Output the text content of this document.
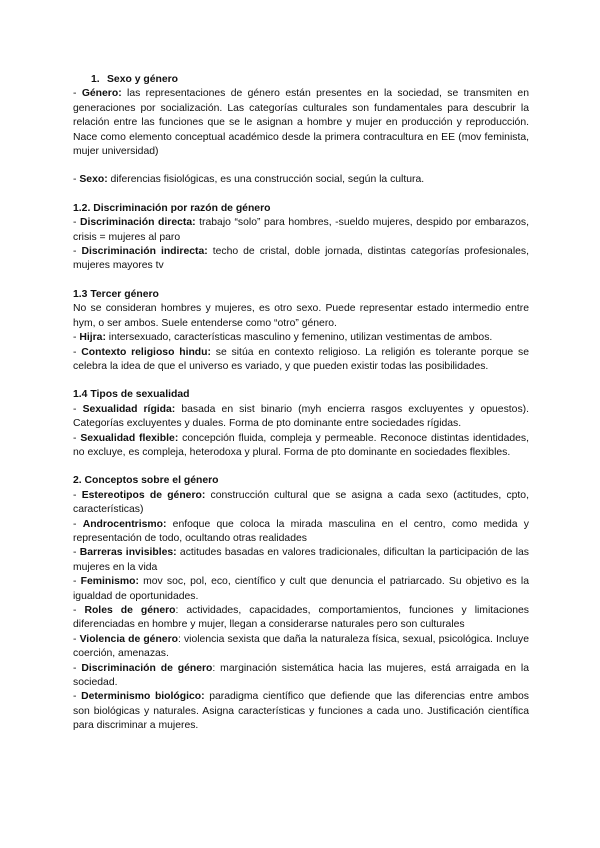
1. Sexo y género

- Género: las representaciones de género están presentes en la sociedad, se transmiten en generaciones por socialización. Las categorías culturales son fundamentales para descubrir la relación entre las funciones que se le asignan a hombre y mujer en producción y reproducción. Nace como elemento conceptual académico desde la primera contracultura en EE (mov feminista, mujer universidad)

- Sexo: diferencias fisiológicas, es una construcción social, según la cultura.

1.2. Discriminación por razón de género

- Discriminación directa: trabajo “solo” para hombres, -sueldo mujeres, despido por embarazos, crisis = mujeres al paro

- Discriminación indirecta: techo de cristal, doble jornada, distintas categorías profesionales, mujeres mayores tv

1.3 Tercer género

No se consideran hombres y mujeres, es otro sexo. Puede representar estado intermedio entre hym, o ser ambos. Suele entenderse como “otro” género.

- Hijra: intersexuado, características masculino y femenino, utilizan vestimentas de ambos.

- Contexto religioso hindu: se sitúa en contexto religioso. La religión es tolerante porque se celebra la idea de que el universo es variado, y que pueden existir todas las posibilidades.

1.4 Tipos de sexualidad

- Sexualidad rígida: basada en sist binario (myh encierra rasgos excluyentes y opuestos). Categorías excluyentes y duales. Forma de pto dominante entre sociedades rígidas.

- Sexualidad flexible: concepción fluida, compleja y permeable. Reconoce distintas identidades, no excluye, es compleja, heterodoxa y plural. Forma de pto dominante en sociedades flexibles.

2. Conceptos sobre el género

- Estereotipos de género: construcción cultural que se asigna a cada sexo (actitudes, cpto, características)

- Androcentrismo: enfoque que coloca la mirada masculina en el centro, como medida y representación de todo, ocultando otras realidades

- Barreras invisibles: actitudes basadas en valores tradicionales, dificultan la participación de las mujeres en la vida

- Feminismo: mov soc, pol, eco, científico y cult que denuncia el patriarcado. Su objetivo es la igualdad de oportunidades.

- Roles de género: actividades, capacidades, comportamientos, funciones y limitaciones diferenciadas en hombre y mujer, llegan a considerarse naturales pero son culturales

- Violencia de género: violencia sexista que daña la naturaleza física, sexual, psicológica. Incluye coerción, amenazas.

- Discriminación de género: marginación sistemática hacia las mujeres, está arraigada en la sociedad.

- Determinismo biológico: paradigma científico que defiende que las diferencias entre ambos son biológicas y naturales. Asigna características y funciones a cada uno. Justificación científica para discriminar a mujeres.
